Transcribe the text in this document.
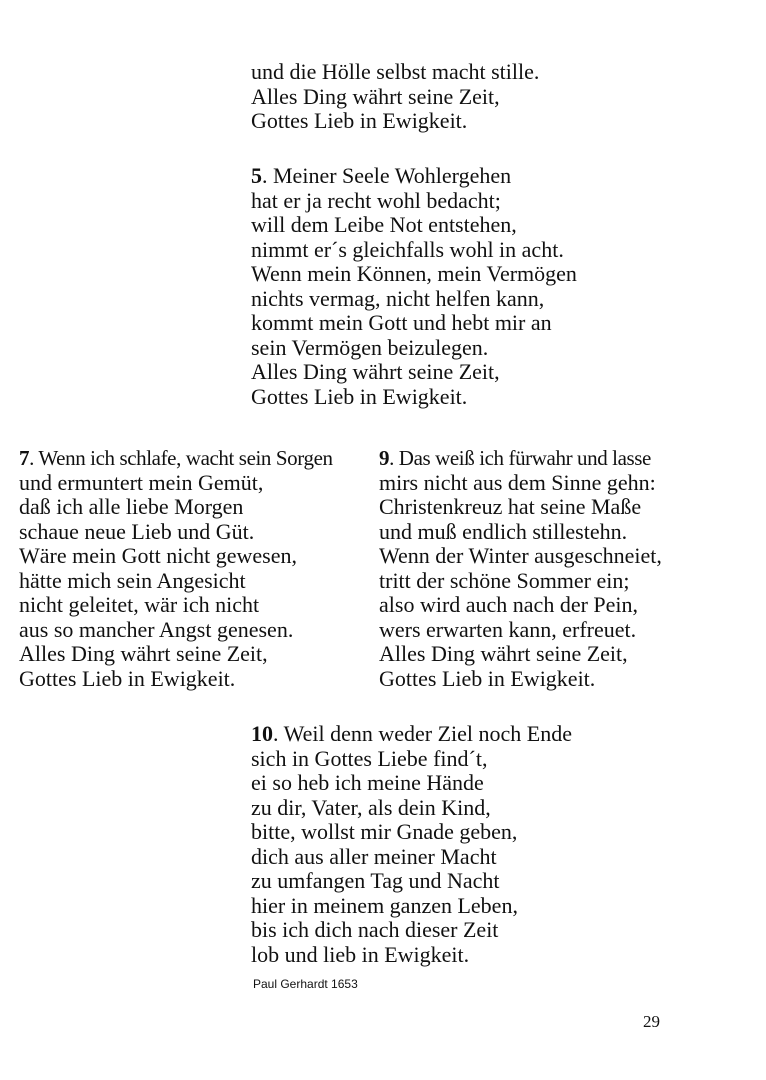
und die Hölle selbst macht stille.
Alles Ding währt seine Zeit,
Gottes Lieb in Ewigkeit.
5. Meiner Seele Wohlergehen
hat er ja recht wohl bedacht;
will dem Leibe Not entstehen,
nimmt er´s gleichfalls wohl in acht.
Wenn mein Können, mein Vermögen
nichts vermag, nicht helfen kann,
kommt mein Gott und hebt mir an
sein Vermögen beizulegen.
Alles Ding währt seine Zeit,
Gottes Lieb in Ewigkeit.
7. Wenn ich schlafe, wacht sein Sorgen
und ermuntert mein Gemüt,
daß ich alle liebe Morgen
schaue neue Lieb und Güt.
Wäre mein Gott nicht gewesen,
hätte mich sein Angesicht
nicht geleitet, wär ich nicht
aus so mancher Angst genesen.
Alles Ding währt seine Zeit,
Gottes Lieb in Ewigkeit.
9. Das weiß ich fürwahr und lasse
mirs nicht aus dem Sinne gehn:
Christenkreuz hat seine Maße
und muß endlich stillestehn.
Wenn der Winter ausgeschneiet,
tritt der schöne Sommer ein;
also wird auch nach der Pein,
wers erwarten kann, erfreuet.
Alles Ding währt seine Zeit,
Gottes Lieb in Ewigkeit.
10. Weil denn weder Ziel noch Ende
sich in Gottes Liebe find´t,
ei so heb ich meine Hände
zu dir, Vater, als dein Kind,
bitte, wollst mir Gnade geben,
dich aus aller meiner Macht
zu umfangen Tag und Nacht
hier in meinem ganzen Leben,
bis ich dich nach dieser Zeit
lob und lieb in Ewigkeit.
Paul Gerhardt 1653
29
